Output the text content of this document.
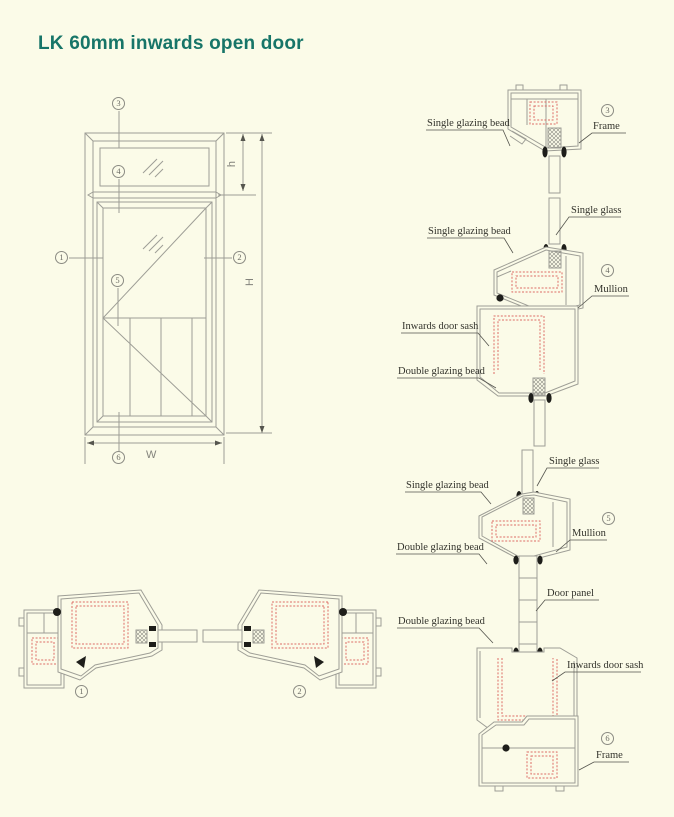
LK 60mm inwards open door
Single glazing bead	Frame
Single glass
Single glazing bead
Mullion
Inwards door sash
Double glazing bead
Single glass
Single glazing bead
Mullion
Double glazing bead
Door panel
Double glazing bead
Inwards door sash
Frame
W
H
h
3
4
1	2
5
6
3
4
5
6
1	2
